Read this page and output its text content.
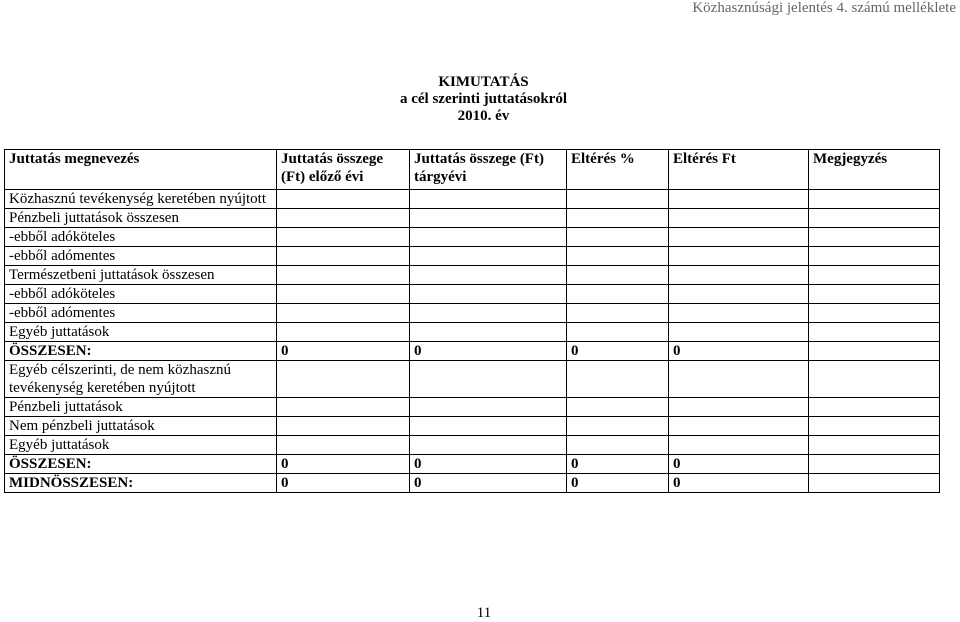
Közhasznúsági jelentés 4. számú melléklete
KIMUTATÁS
a cél szerinti juttatásokról
2010. év
Juttatás megnevezés	Juttatás összege (Ft) előző évi	Juttatás összege (Ft) tárgyévi	Eltérés %	Eltérés Ft	Megjegyzés
Közhasznú tevékenység keretében nyújtott					
Pénzbeli juttatások összesen					
-ebből adóköteles					
-ebből adómentes					
Természetbeni juttatások összesen					
-ebből adóköteles					
-ebből adómentes					
Egyéb juttatások					
ÖSSZESEN:	0	0	0	0	
Egyéb célszerinti, de nem közhasznú tevékenység keretében nyújtott					
Pénzbeli juttatások					
Nem pénzbeli juttatások					
Egyéb juttatások					
ÖSSZESEN:	0	0	0	0	
MIDNÖSSZESEN:	0	0	0	0	
11
